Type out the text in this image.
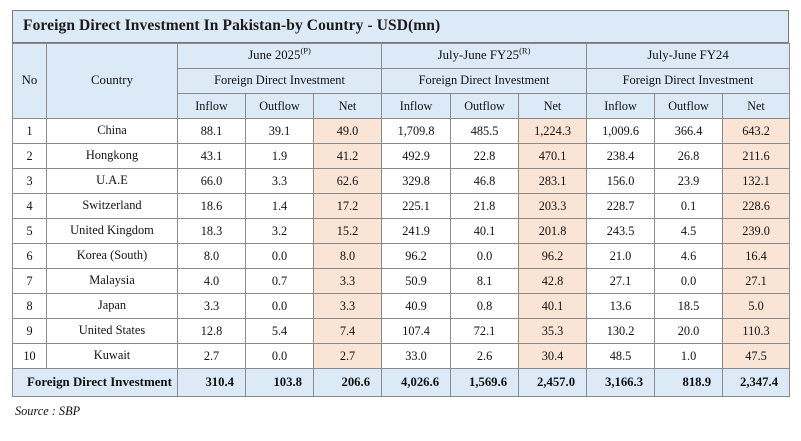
Foreign Direct Investment In Pakistan-by Country - USD(mn)
No	Country	June $2025^{(P)}$			July-June $FY25^{(R)}$			July-June FY24		
		Foreign Direct Investment			Foreign Direct Investment			Foreign Direct Investment		
		Inflow	Outflow	Net	Inflow	Outflow	Net	Inflow	Outflow	Net
1	China	88.1	39.1	49.0	1,709.8	485.5	1,224.3	1,009.6	366.4	643.2
2	Hongkong	43.1	1.9	41.2	492.9	22.8	470.1	238.4	26.8	211.6
3	U.A.E	66.0	3.3	62.6	329.8	46.8	283.1	156.0	23.9	132.1
4	Switzerland	18.6	1.4	17.2	225.1	21.8	203.3	228.7	0.1	228.6
5	United Kingdom	18.3	3.2	15.2	241.9	40.1	201.8	243.5	4.5	239.0
6	Korea (South)	8.0	0.0	8.0	96.2	0.0	96.2	21.0	4.6	16.4
7	Malaysia	4.0	0.7	3.3	50.9	8.1	42.8	27.1	0.0	27.1
8	Japan	3.3	0.0	3.3	40.9	0.8	40.1	13.6	18.5	5.0
9	United States	12.8	5.4	7.4	107.4	72.1	35.3	130.2	20.0	110.3
10	Kuwait	2.7	0.0	2.7	33.0	2.6	30.4	48.5	1.0	47.5
Foreign Direct Investment		310.4	103.8	206.6	4,026.6	1,569.6	2,457.0	3,166.3	818.9	2,347.4
Source : SBP
